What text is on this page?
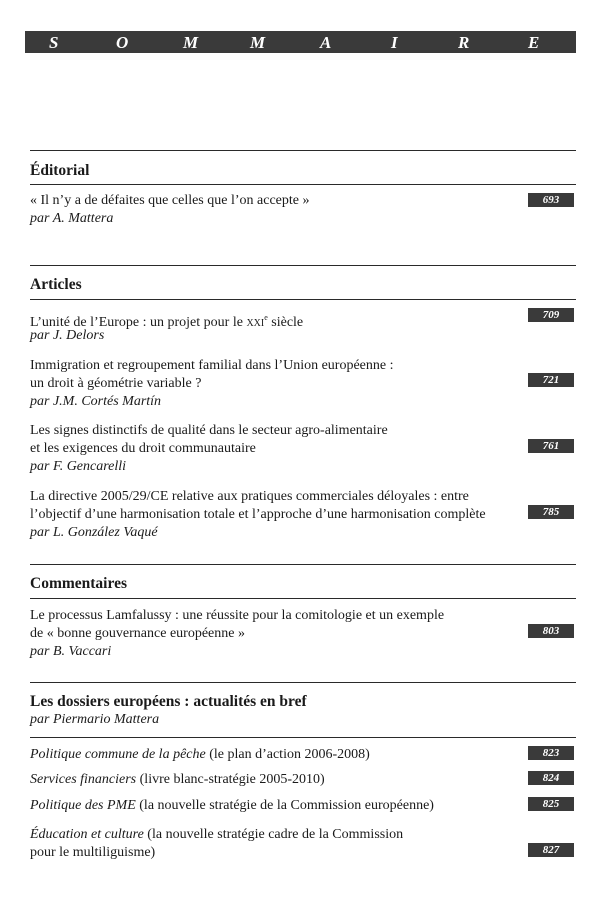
S	O	M	M	A	I	R	E
Éditorial
« Il n’y a de défaites que celles que l’on accepte »
par A. Mattera
693
Articles
L’unité de l’Europe : un projet pour le XXIe siècle
par J. Delors
709
Immigration et regroupement familial dans l’Union européenne :
un droit à géométrie variable ?
par J.M. Cortés Martín
721
Les signes distinctifs de qualité dans le secteur agro-alimentaire
et les exigences du droit communautaire
par F. Gencarelli
761
La directive 2005/29/CE relative aux pratiques commerciales déloyales : entre
l’objectif d’une harmonisation totale et l’approche d’une harmonisation complète
par L. González Vaqué
785
Commentaires
Le processus Lamfalussy : une réussite pour la comitologie et un exemple
de « bonne gouvernance européenne »
par B. Vaccari
803
Les dossiers européens : actualités en bref
par Piermario Mattera
Politique commune de la pêche (le plan d’action 2006-2008)	823
Services financiers (livre blanc-stratégie 2005-2010)	824
Politique des PME (la nouvelle stratégie de la Commission européenne)	825
Éducation et culture (la nouvelle stratégie cadre de la Commission
pour le multiliguisme)	827
